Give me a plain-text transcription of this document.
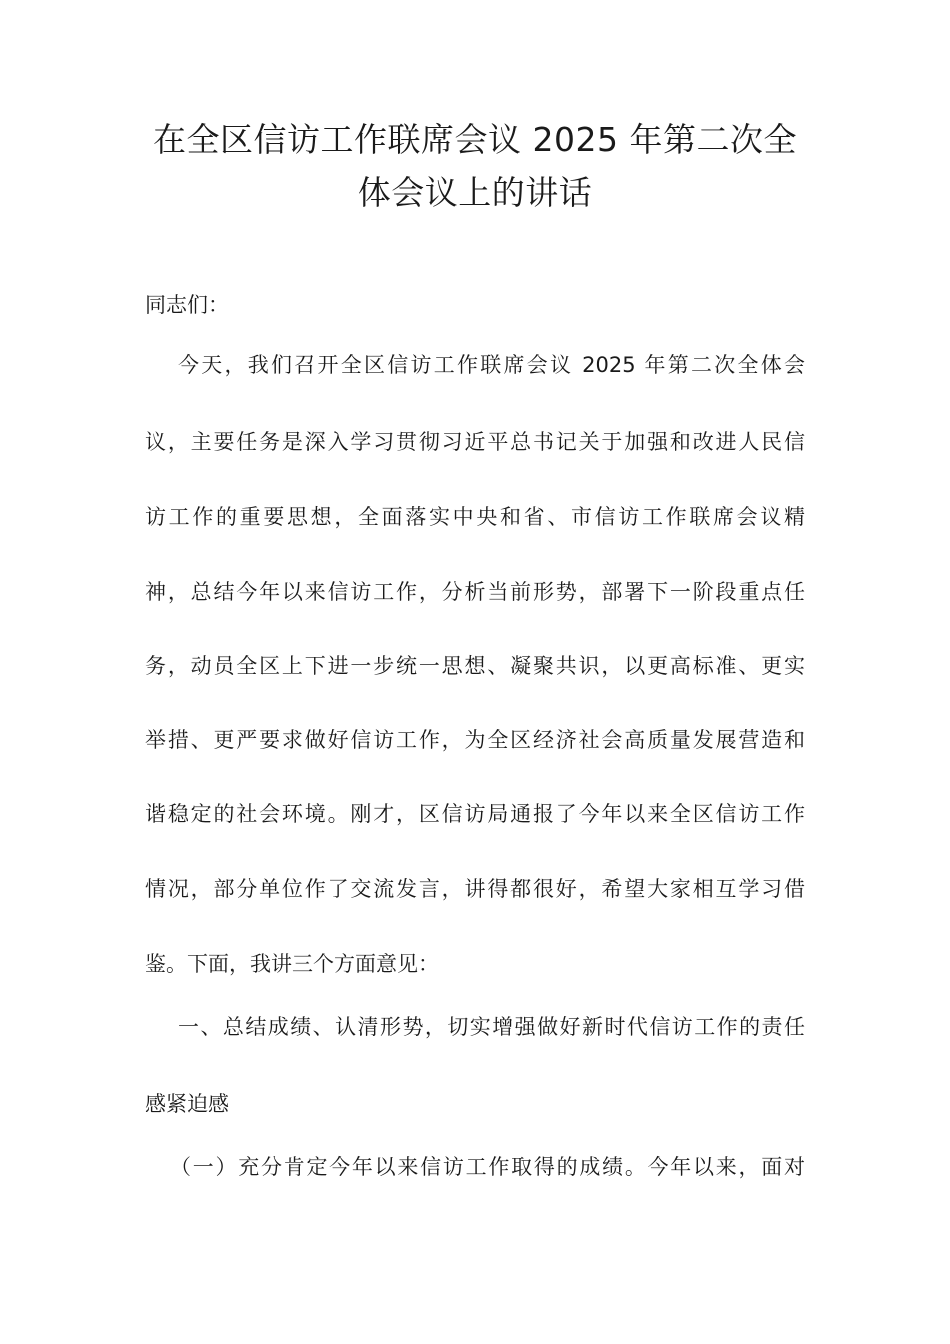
在全区信访工作联席会议 2025 年第二次全
体会议上的讲话
同志们：
今天，我们召开全区信访工作联席会议 2025 年第二次全体会
议，主要任务是深入学习贯彻习近平总书记关于加强和改进人民信
访工作的重要思想，全面落实中央和省、市信访工作联席会议精
神，总结今年以来信访工作，分析当前形势，部署下一阶段重点任
务，动员全区上下进一步统一思想、凝聚共识，以更高标准、更实
举措、更严要求做好信访工作，为全区经济社会高质量发展营造和
谐稳定的社会环境。刚才，区信访局通报了今年以来全区信访工作
情况，部分单位作了交流发言，讲得都很好，希望大家相互学习借
鉴。下面，我讲三个方面意见：
一、总结成绩、认清形势，切实增强做好新时代信访工作的责任
感紧迫感
（一）充分肯定今年以来信访工作取得的成绩。今年以来，面对
